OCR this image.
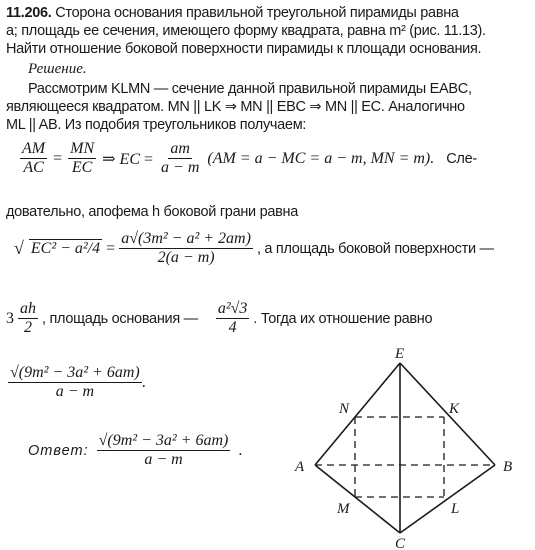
11.206. Сторона основания правильной треугольной пирамиды равна
a; площадь ее сечения, имеющего форму квадрата, равна m² (рис. 11.13).
Найти отношение боковой поверхности пирамиды к площади основания.
Решение.
Рассмотрим KLMN — сечение данной правильной пирамиды EABC,
являющееся квадратом. MN || LK ⇒ MN || EBC ⇒ MN || EC. Аналогично
ML || AB. Из подобия треугольников получаем:
$\frac{AM}{AC} = \frac{MN}{EC}$ ⇒ EC = $\frac{am}{a - m} (AM = a$ − MC = a − m, MN = m). Сле-
довательно, апофема h боковой грани равна
√ $EC^2 - a^2/4 = \frac{\text{a√(3m² − a² + 2am)}}{2(a - m)}$ , а площадь боковой поверхности —
$3 \frac{ah}{2}$ , площадь основания — $\frac{\text{a²√3}}{4}$ . Тогда их отношение равно
$\frac{\text{√(9m² − 3a² + 6am)}}{a - m}$ .
Ответ: $\frac{\text{√(9m² − 3a² + 6am)}}{a - m}$ .
E
N	K
A	B
M	L
C
